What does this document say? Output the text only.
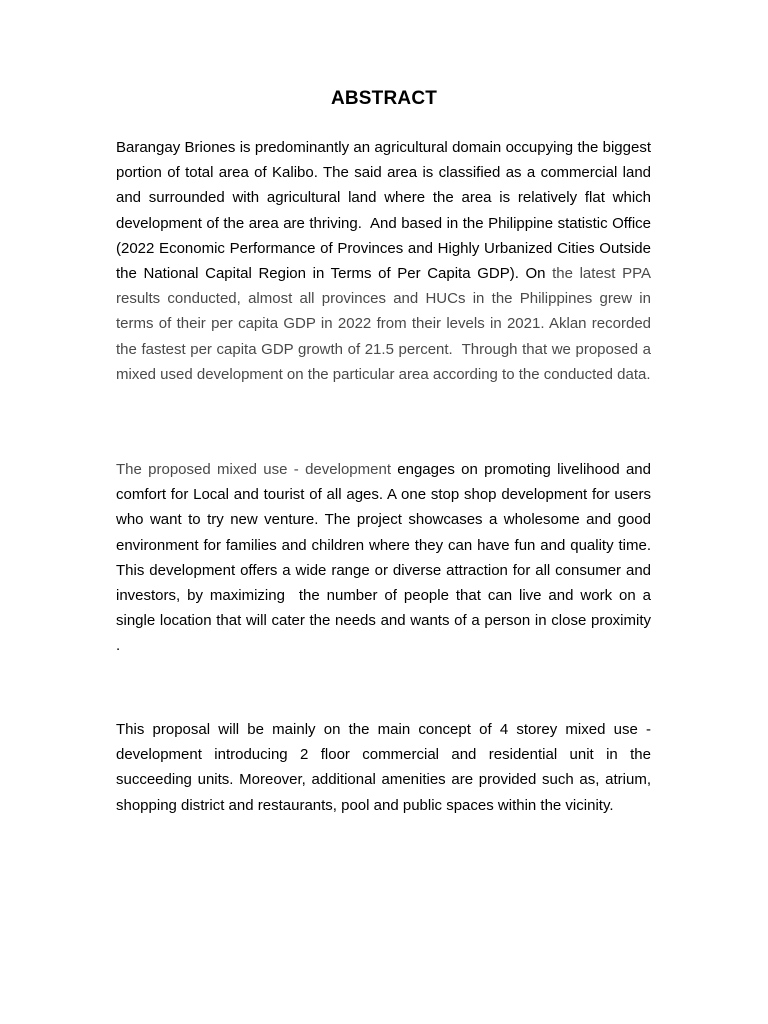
ABSTRACT

Barangay Briones is predominantly an agricultural domain occupying the biggest portion of total area of Kalibo. The said area is classified as a commercial land and surrounded with agricultural land where the area is relatively flat which development of the area are thriving.  And based in the Philippine statistic Office (2022 Economic Performance of Provinces and Highly Urbanized Cities Outside the National Capital Region in Terms of Per Capita GDP). On the latest PPA results conducted, almost all provinces and HUCs in the Philippines grew in terms of their per capita GDP in 2022 from their levels in 2021. Aklan recorded the fastest per capita GDP growth of 21.5 percent.  Through that we proposed a mixed used development on the particular area according to the conducted data.

The proposed mixed use - development engages on promoting livelihood and comfort for Local and tourist of all ages. A one stop shop development for users who want to try new venture. The project showcases a wholesome and good environment for families and children where they can have fun and quality time. This development offers a wide range or diverse attraction for all consumer and investors, by maximizing  the number of people that can live and work on a single location that will cater the needs and wants of a person in close proximity .

This proposal will be mainly on the main concept of 4 storey mixed use - development introducing 2 floor commercial and residential unit in the succeeding units. Moreover, additional amenities are provided such as, atrium, shopping district and restaurants, pool and public spaces within the vicinity.
